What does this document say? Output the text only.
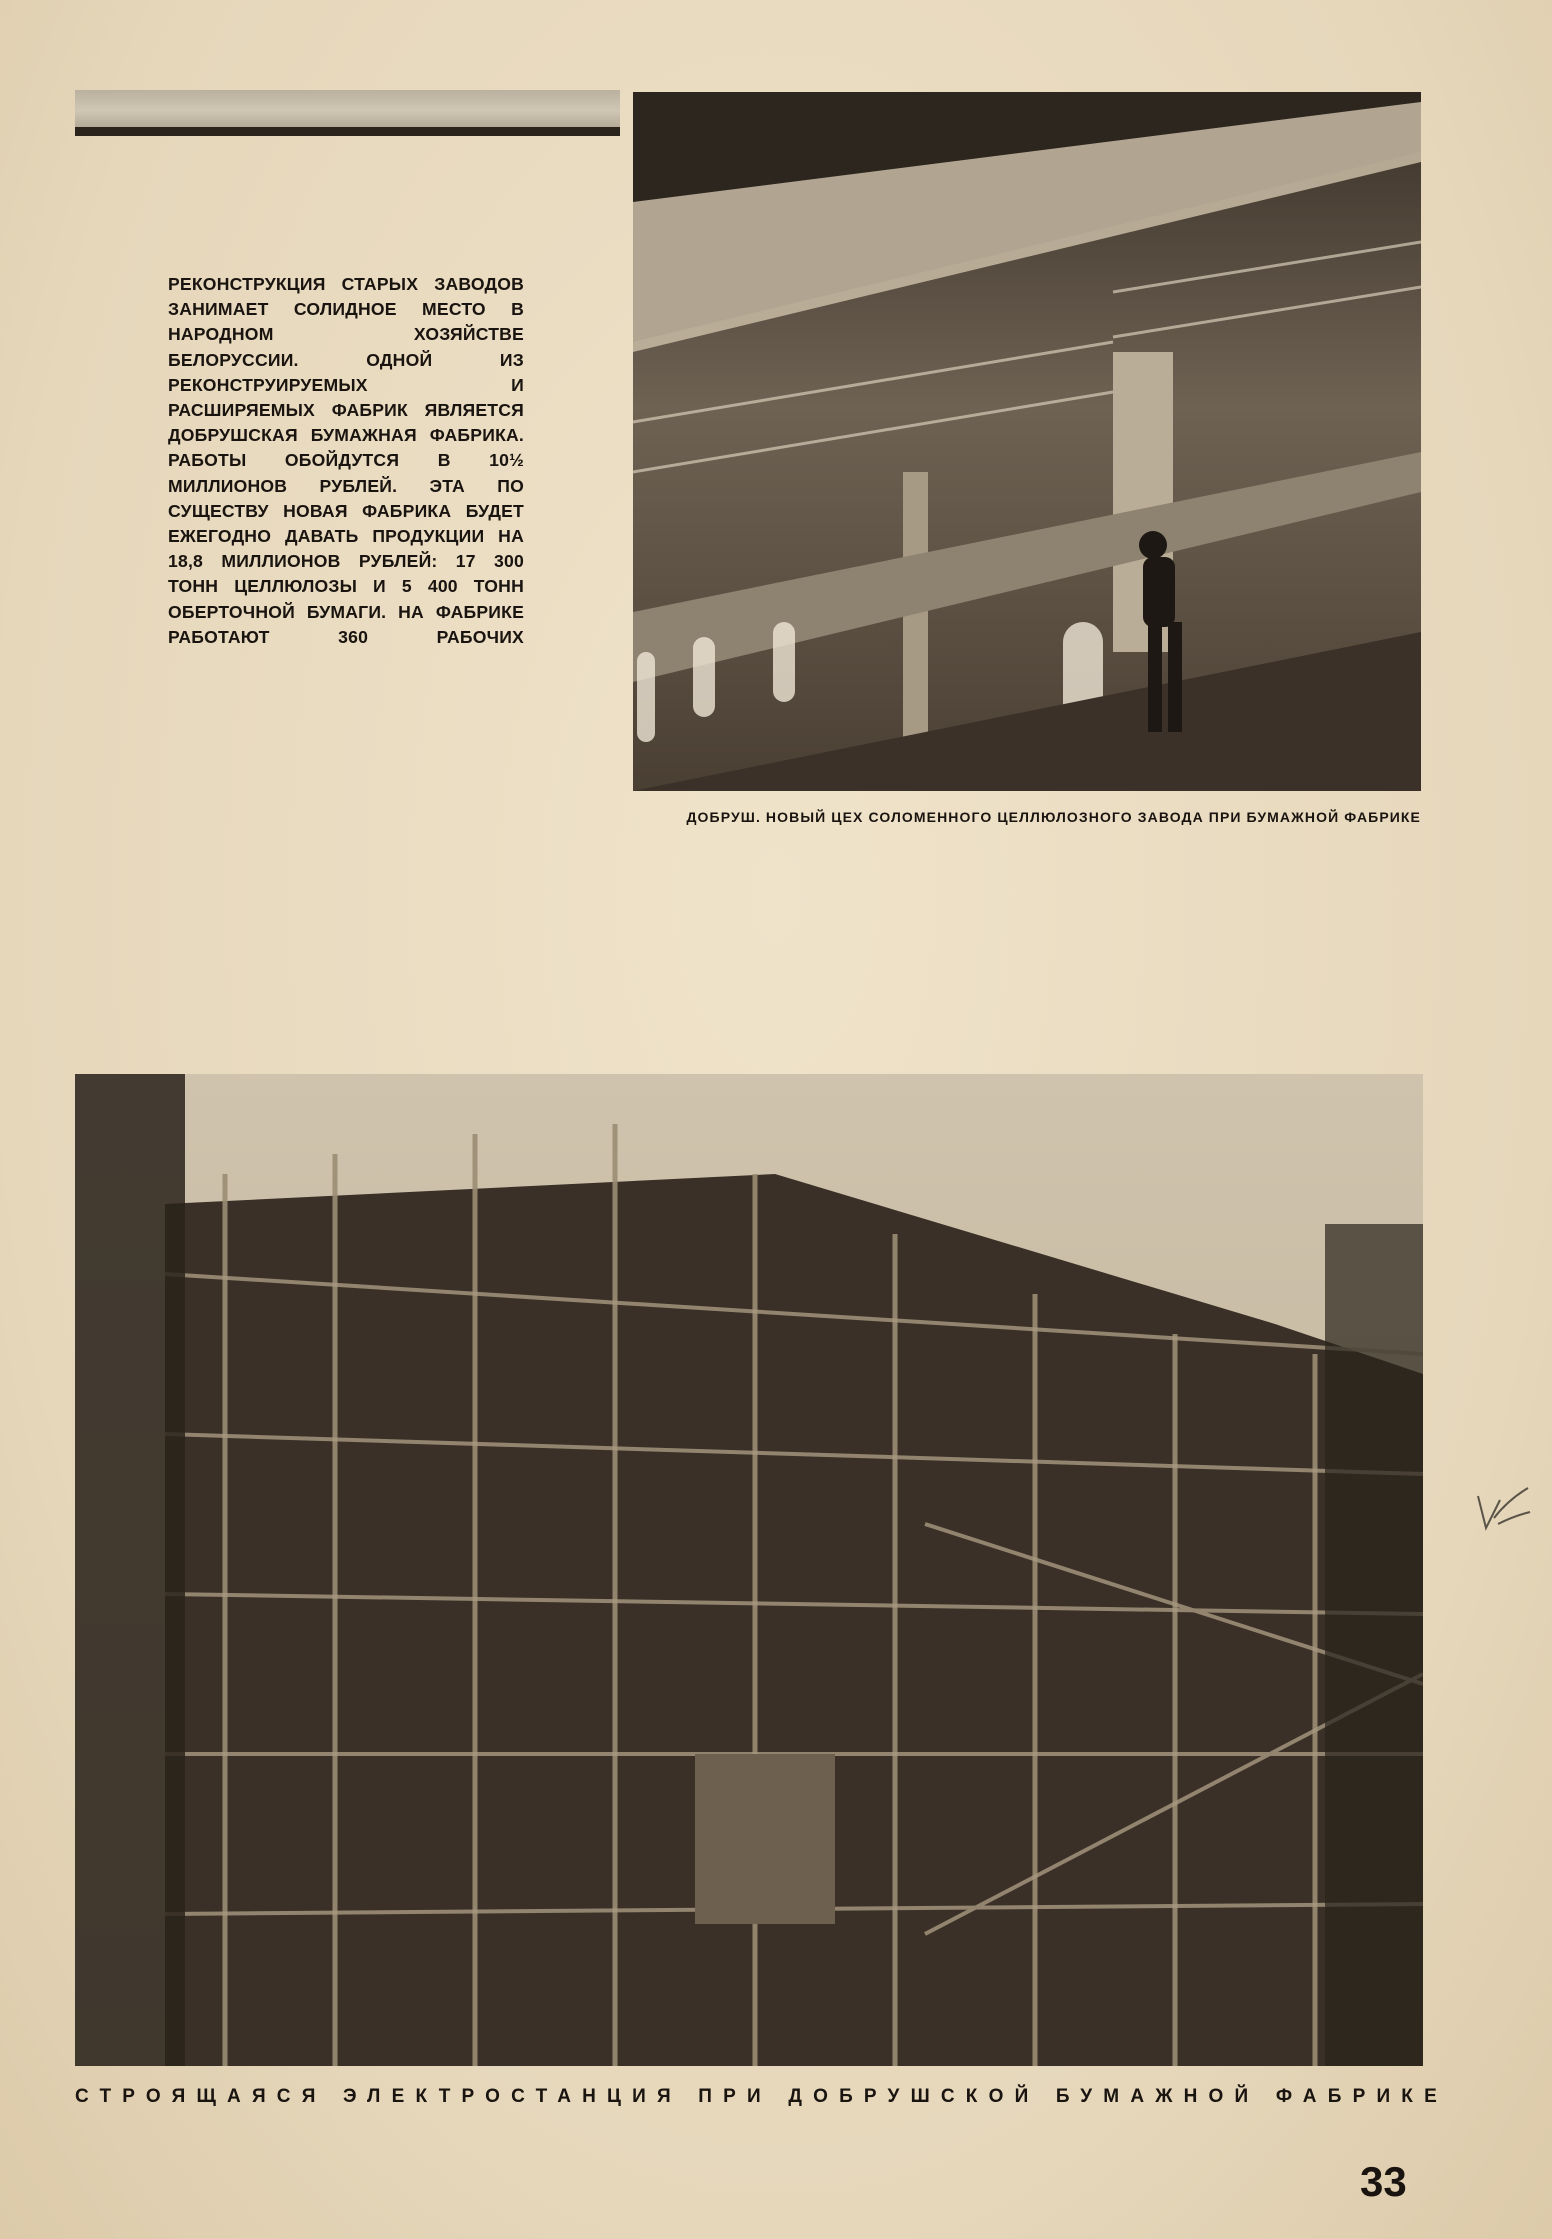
РЕКОНСТРУКЦИЯ СТАРЫХ ЗАВОДОВ ЗАНИМАЕТ СОЛИДНОЕ МЕСТО В НАРОДНОМ ХОЗЯЙСТВЕ БЕЛОРУССИИ. ОДНОЙ ИЗ РЕКОНСТРУИРУЕМЫХ И РАСШИРЯЕМЫХ ФАБРИК ЯВЛЯЕТСЯ ДОБРУШСКАЯ БУМАЖНАЯ ФАБРИКА. РАБОТЫ ОБОЙДУТСЯ В 10½ МИЛЛИОНОВ РУБЛЕЙ. ЭТА ПО СУЩЕСТВУ НОВАЯ ФАБРИКА БУДЕТ ЕЖЕГОДНО ДАВАТЬ ПРОДУКЦИИ НА 18,8 МИЛЛИОНОВ РУБЛЕЙ: 17 300 ТОНН ЦЕЛЛЮЛОЗЫ И 5 400 ТОНН ОБЕРТОЧНОЙ БУМАГИ. НА ФАБРИКЕ РАБОТАЮТ 360 РАБОЧИХ

ДОБРУШ. НОВЫЙ ЦЕХ СОЛОМЕННОГО ЦЕЛЛЮЛОЗНОГО ЗАВОДА ПРИ БУМАЖНОЙ ФАБРИКЕ
СТРОЯЩАЯСЯ ЭЛЕКТРОСТАНЦИЯ ПРИ ДОБРУШСКОЙ БУМАЖНОЙ ФАБРИКЕ
33
